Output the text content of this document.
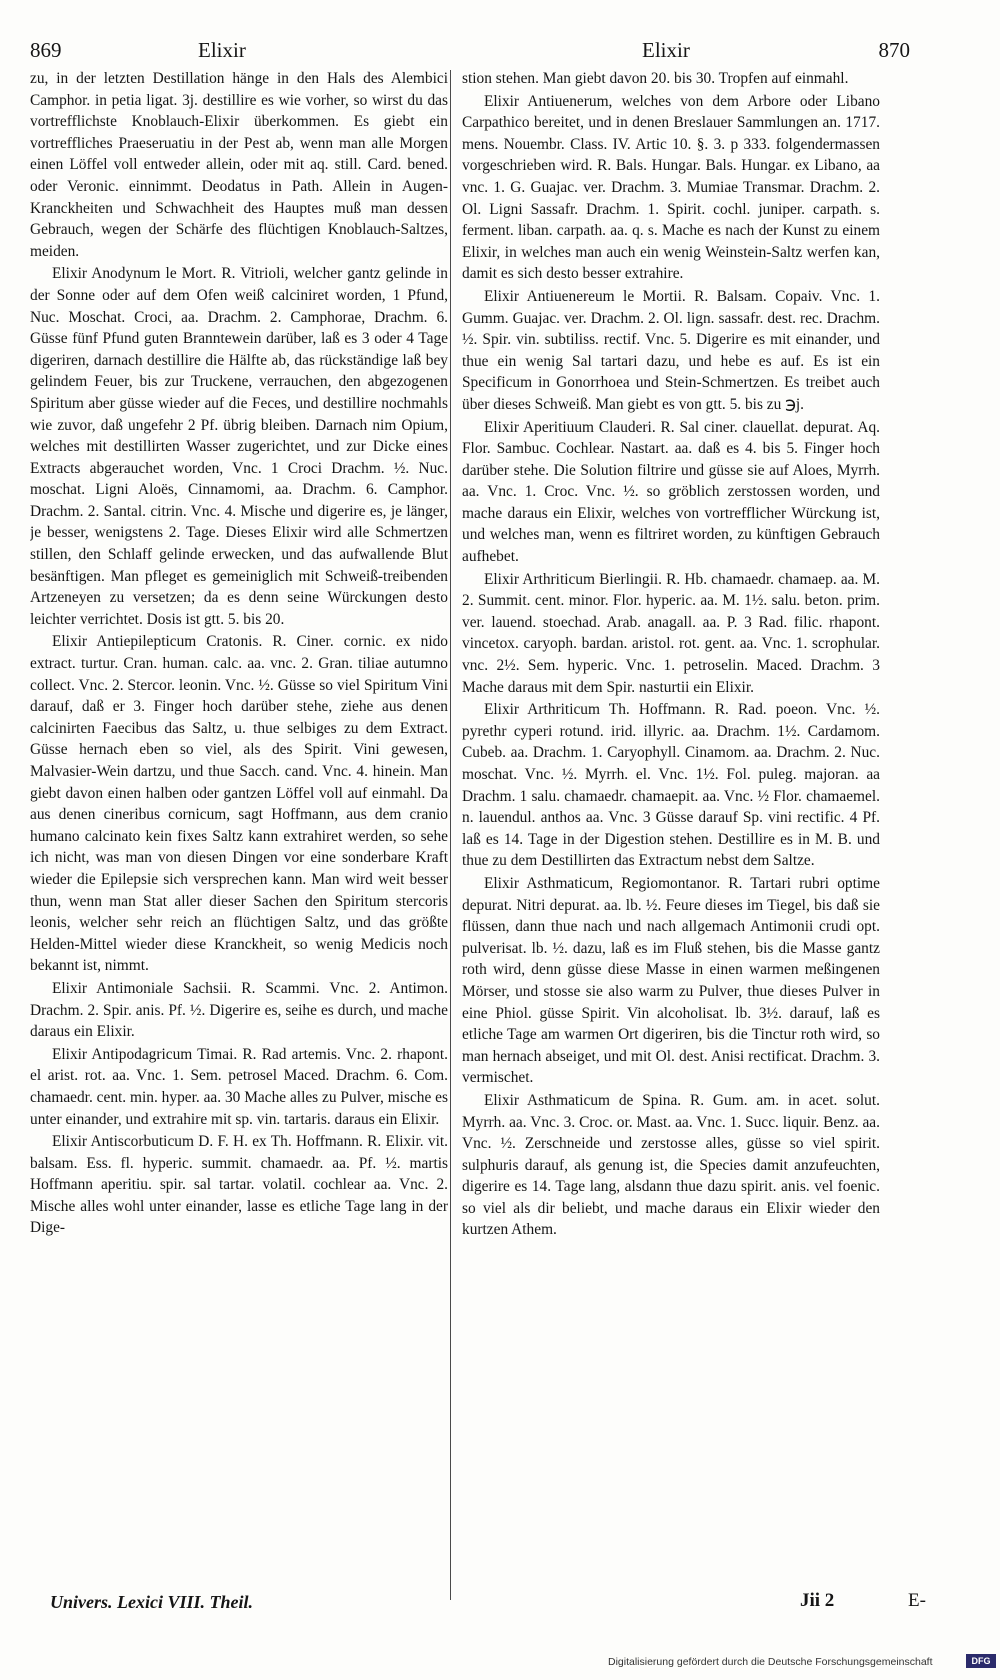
869	Elixir	Elixir	870

zu, in der letzten Destillation hänge in den Hals des Alembici Camphor. in petia ligat. 3j. destillire es wie vorher, so wirst du das vortrefflichste Knoblauch-Elixir überkommen. Es giebt ein vortreffliches Praeseruatiu in der Pest ab, wenn man alle Morgen einen Löffel voll entweder allein, oder mit aq. still. Card. bened. oder Veronic. einnimmt. Deodatus in Path. Allein in Augen-Kranckheiten und Schwachheit des Hauptes muß man dessen Gebrauch, wegen der Schärfe des flüchtigen Knoblauch-Saltzes, meiden.

Elixir Anodynum le Mort. R. Vitrioli, welcher gantz gelinde in der Sonne oder auf dem Ofen weiß calciniret worden, 1 Pfund, Nuc. Moschat. Croci, aa. Drachm. 2. Camphorae, Drachm. 6. Güsse fünf Pfund guten Branntewein darüber, laß es 3 oder 4 Tage digeriren, darnach destillire die Hälfte ab, das rückständige laß bey gelindem Feuer, bis zur Truckene, verrauchen, den abgezogenen Spiritum aber güsse wieder auf die Feces, und destillire nochmahls wie zuvor, daß ungefehr 2 Pf. übrig bleiben. Darnach nim Opium, welches mit destillirten Wasser zugerichtet, und zur Dicke eines Extracts abgerauchet worden, Vnc. 1 Croci Drachm. ½. Nuc. moschat. Ligni Aloës, Cinnamomi, aa. Drachm. 6. Camphor. Drachm. 2. Santal. citrin. Vnc. 4. Mische und digerire es, je länger, je besser, wenigstens 2. Tage. Dieses Elixir wird alle Schmertzen stillen, den Schlaff gelinde erwecken, und das aufwallende Blut besänftigen. Man pfleget es gemeiniglich mit Schweiß-treibenden Artzeneyen zu versetzen; da es denn seine Würckungen desto leichter verrichtet. Dosis ist gtt. 5. bis 20.

Elixir Antiepilepticum Cratonis. R. Ciner. cornic. ex nido extract. turtur. Cran. human. calc. aa. vnc. 2. Gran. tiliae autumno collect. Vnc. 2. Stercor. leonin. Vnc. ½. Güsse so viel Spiritum Vini darauf, daß er 3. Finger hoch darüber stehe, ziehe aus denen calcinirten Faecibus das Saltz, u. thue selbiges zu dem Extract. Güsse hernach eben so viel, als des Spirit. Vini gewesen, Malvasier-Wein dartzu, und thue Sacch. cand. Vnc. 4. hinein. Man giebt davon einen halben oder gantzen Löffel voll auf einmahl. Da aus denen cineribus cornicum, sagt Hoffmann, aus dem cranio humano calcinato kein fixes Saltz kann extrahiret werden, so sehe ich nicht, was man von diesen Dingen vor eine sonderbare Kraft wieder die Epilepsie sich versprechen kann. Man wird weit besser thun, wenn man Stat aller dieser Sachen den Spiritum stercoris leonis, welcher sehr reich an flüchtigen Saltz, und das größte Helden-Mittel wieder diese Kranckheit, so wenig Medicis noch bekannt ist, nimmt.

Elixir Antimoniale Sachsii. R. Scammi. Vnc. 2. Antimon. Drachm. 2. Spir. anis. Pf. ½. Digerire es, seihe es durch, und mache daraus ein Elixir.

Elixir Antipodagricum Timai. R. Rad artemis. Vnc. 2. rhapont. el arist. rot. aa. Vnc. 1. Sem. petrosel Maced. Drachm. 6. Com. chamaedr. cent. min. hyper. aa. 30 Mache alles zu Pulver, mische es unter einander, und extrahire mit sp. vin. tartaris. daraus ein Elixir.

Elixir Antiscorbuticum D. F. H. ex Th. Hoffmann. R. Elixir. vit. balsam. Ess. fl. hyperic. summit. chamaedr. aa. Pf. ½. martis Hoffmann aperitiu. spir. sal tartar. volatil. cochlear aa. Vnc. 2. Mische alles wohl unter einander, lasse es etliche Tage lang in der Dige-

stion stehen. Man giebt davon 20. bis 30. Tropfen auf einmahl.

Elixir Antiuenerum, welches von dem Arbore oder Libano Carpathico bereitet, und in denen Breslauer Sammlungen an. 1717. mens. Nouembr. Class. IV. Artic 10. §. 3. p 333. folgendermassen vorgeschrieben wird. R. Bals. Hungar. Bals. Hungar. ex Libano, aa vnc. 1. G. Guajac. ver. Drachm. 3. Mumiae Transmar. Drachm. 2. Ol. Ligni Sassafr. Drachm. 1. Spirit. cochl. juniper. carpath. s. ferment. liban. carpath. aa. q. s. Mache es nach der Kunst zu einem Elixir, in welches man auch ein wenig Weinstein-Saltz werfen kan, damit es sich desto besser extrahire.

Elixir Antiuenereum le Mortii. R. Balsam. Copaiv. Vnc. 1. Gumm. Guajac. ver. Drachm. 2. Ol. lign. sassafr. dest. rec. Drachm. ½. Spir. vin. subtiliss. rectif. Vnc. 5. Digerire es mit einander, und thue ein wenig Sal tartari dazu, und hebe es auf. Es ist ein Specificum in Gonorrhoea und Stein-Schmertzen. Es treibet auch über dieses Schweiß. Man giebt es von gtt. 5. bis zu ℈j.

Elixir Aperitiuum Clauderi. R. Sal ciner. clauellat. depurat. Aq. Flor. Sambuc. Cochlear. Nastart. aa. daß es 4. bis 5. Finger hoch darüber stehe. Die Solution filtrire und güsse sie auf Aloes, Myrrh. aa. Vnc. 1. Croc. Vnc. ½. so gröblich zerstossen worden, und mache daraus ein Elixir, welches von vortrefflicher Würckung ist, und welches man, wenn es filtriret worden, zu künftigen Gebrauch aufhebet.

Elixir Arthriticum Bierlingii. R. Hb. chamaedr. chamaep. aa. M. 2. Summit. cent. minor. Flor. hyperic. aa. M. 1½. salu. beton. prim. ver. lauend. stoechad. Arab. anagall. aa. P. 3 Rad. filic. rhapont. vincetox. caryoph. bardan. aristol. rot. gent. aa. Vnc. 1. scrophular. vnc. 2½. Sem. hyperic. Vnc. 1. petroselin. Maced. Drachm. 3 Mache daraus mit dem Spir. nasturtii ein Elixir.

Elixir Arthriticum Th. Hoffmann. R. Rad. poeon. Vnc. ½. pyrethr cyperi rotund. irid. illyric. aa. Drachm. 1½. Cardamom. Cubeb. aa. Drachm. 1. Caryophyll. Cinamom. aa. Drachm. 2. Nuc. moschat. Vnc. ½. Myrrh. el. Vnc. 1½. Fol. puleg. majoran. aa Drachm. 1 salu. chamaedr. chamaepit. aa. Vnc. ½ Flor. chamaemel. n. lauendul. anthos aa. Vnc. 3 Güsse darauf Sp. vini rectific. 4 Pf. laß es 14. Tage in der Digestion stehen. Destillire es in M. B. und thue zu dem Destillirten das Extractum nebst dem Saltze.

Elixir Asthmaticum, Regiomontanor. R. Tartari rubri optime depurat. Nitri depurat. aa. lb. ½. Feure dieses im Tiegel, bis daß sie flüssen, dann thue nach und nach allgemach Antimonii crudi opt. pulverisat. lb. ½. dazu, laß es im Fluß stehen, bis die Masse gantz roth wird, denn güsse diese Masse in einen warmen meßingenen Mörser, und stosse sie also warm zu Pulver, thue dieses Pulver in eine Phiol. güsse Spirit. Vin alcoholisat. lb. 3½. darauf, laß es etliche Tage am warmen Ort digeriren, bis die Tinctur roth wird, so man hernach abseiget, und mit Ol. dest. Anisi rectificat. Drachm. 3. vermischet.

Elixir Asthmaticum de Spina. R. Gum. am. in acet. solut. Myrrh. aa. Vnc. 3. Croc. or. Mast. aa. Vnc. 1. Succ. liquir. Benz. aa. Vnc. ½. Zerschneide und zerstosse alles, güsse so viel spirit. sulphuris darauf, als genung ist, die Species damit anzufeuchten, digerire es 14. Tage lang, alsdann thue dazu spirit. anis. vel foenic. so viel als dir beliebt, und mache daraus ein Elixir wieder den kurtzen Athem.

Univers. Lexici VIII. Theil.	Jii 2	E-
Digitalisierung gefördert durch die Deutsche Forschungsgemeinschaft	DFG
